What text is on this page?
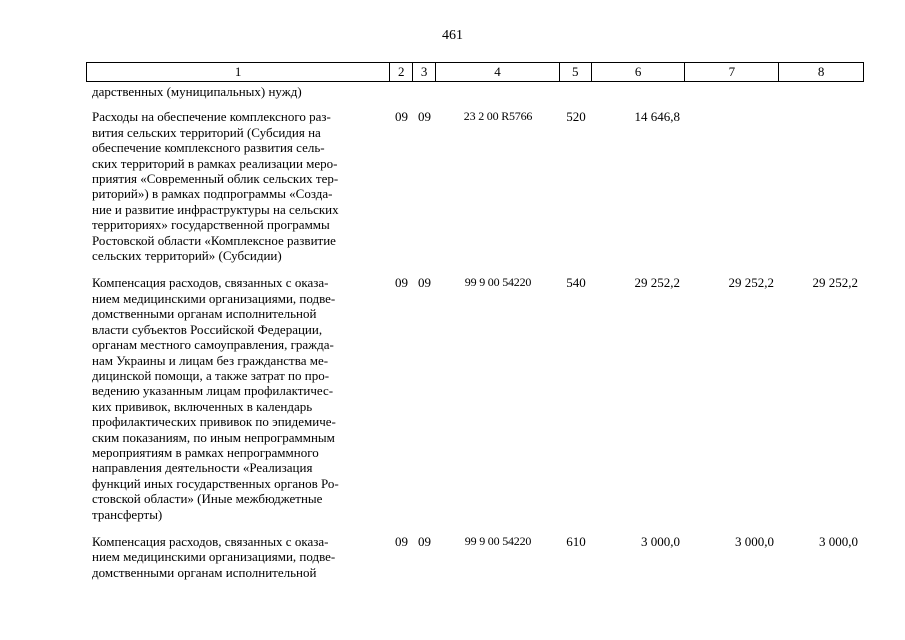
461
1	2	3	4	5	6	7	8
дарственных (муниципальных) нужд)
Расходы на обеспечение комплексного раз-
вития сельских территорий (Субсидия на
обеспечение комплексного развития сель-
ских территорий в рамках реализации меро-
приятия «Современный облик сельских тер-
риторий») в рамках подпрограммы «Созда-
ние и развитие инфраструктуры на сельских
территориях» государственной программы
Ростовской области «Комплексное развитие
сельских территорий» (Субсидии)
09 09	23 2 00 R5766	520	14 646,8
Компенсация расходов, связанных с оказа-
нием медицинскими организациями, подве-
домственными органам исполнительной
власти субъектов Российской Федерации,
органам местного самоуправления, гражда-
нам Украины и лицам без гражданства ме-
дицинской помощи, а также затрат по про-
ведению указанным лицам профилактичес-
ких прививок, включенных в календарь
профилактических прививок по эпидемиче-
ским показаниям, по иным непрограммным
мероприятиям в рамках непрограммного
направления деятельности «Реализация
функций иных государственных органов Ро-
стовской области» (Иные межбюджетные
трансферты)
09 09	99 9 00 54220	540	29 252,2	29 252,2	29 252,2
Компенсация расходов, связанных с оказа-
нием медицинскими организациями, подве-
домственными органам исполнительной
09 09	99 9 00 54220	610	3 000,0	3 000,0	3 000,0
